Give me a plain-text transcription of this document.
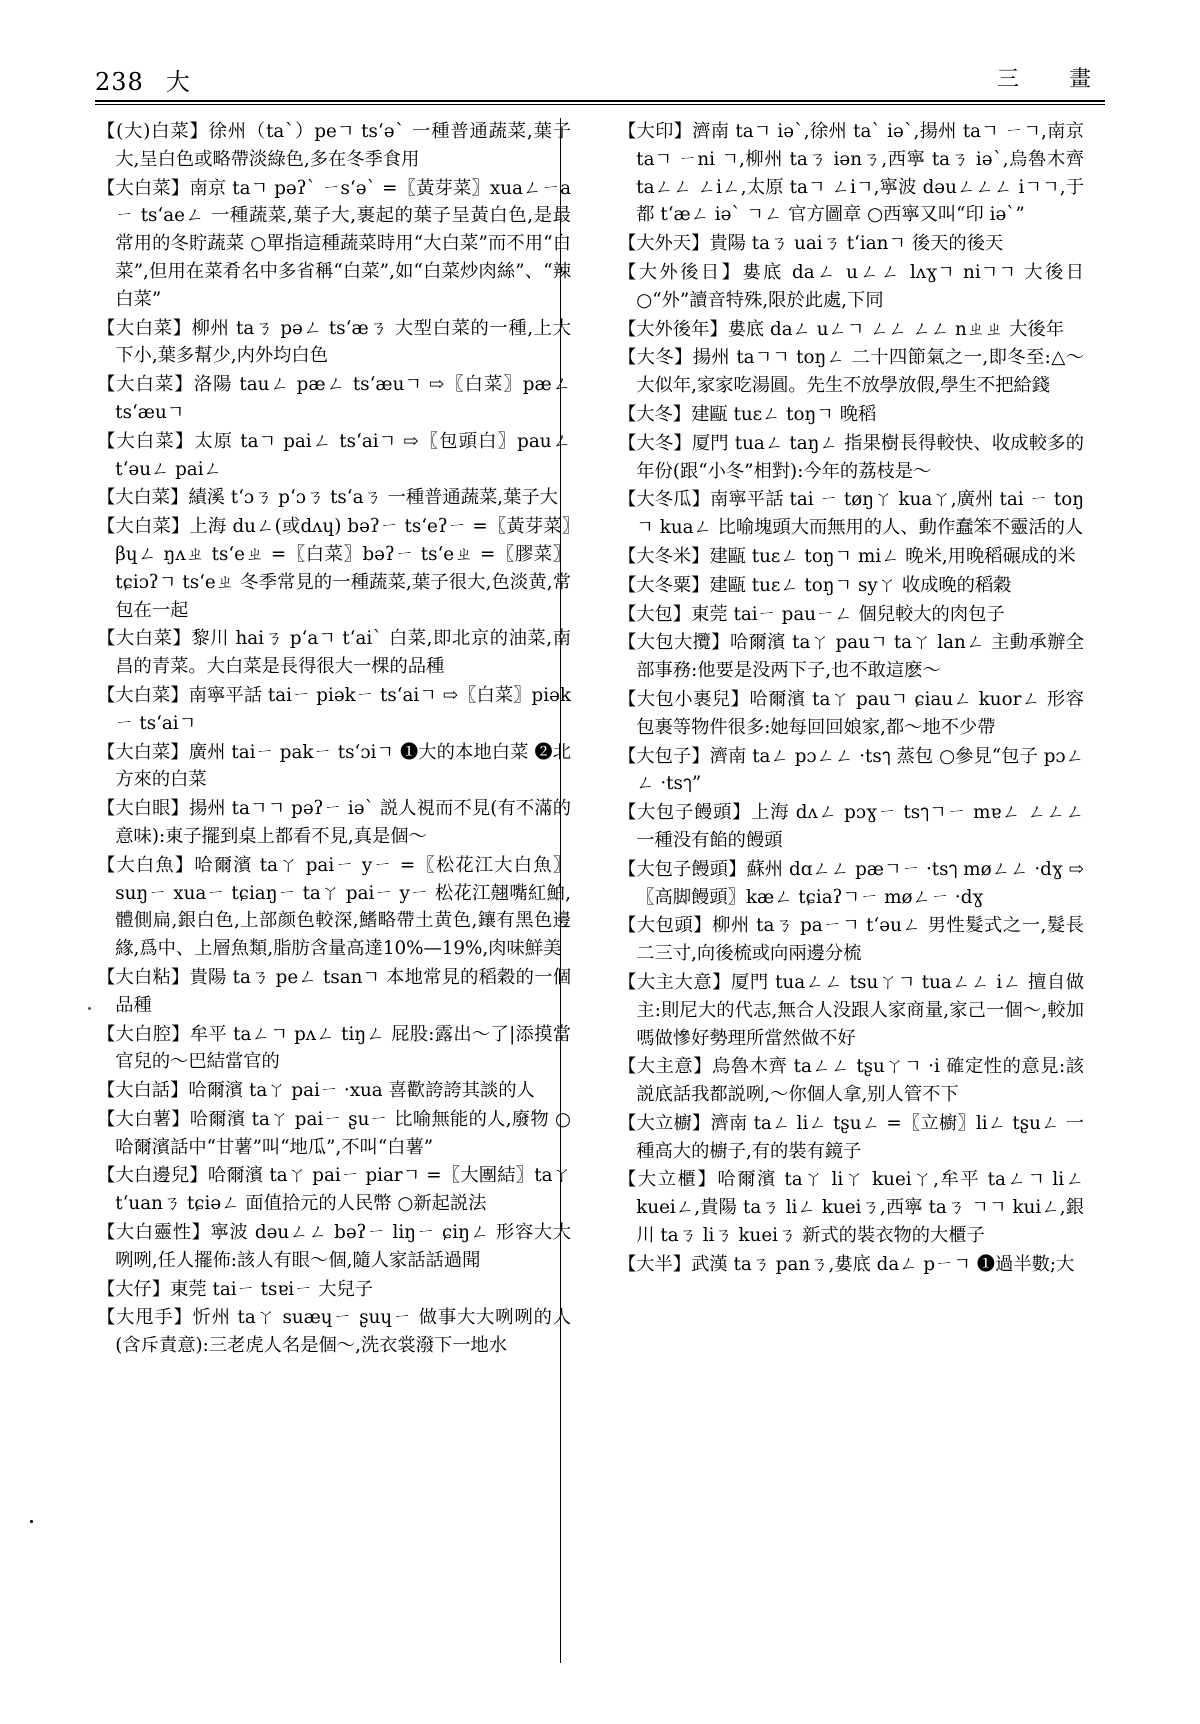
238 大	三　畫
【(大)白菜】徐州（taˋ）peㄱ tsʻəˋ 一種普通蔬菜,葉子大,呈白色或略帶淡綠色,多在冬季食用
【大白菜】南京 taㄱ pəʔˋ ㄧsʻəˋ =〖黃芽菜〗xuaㄥㄧaㄧ tsʻaeㄥ 一種蔬菜,葉子大,裹起的葉子呈黃白色,是最常用的冬貯蔬菜 ○單指這種蔬菜時用“大白菜”而不用“白菜”,但用在菜肴名中多省稱“白菜”,如“白菜炒肉絲”、“辣白菜”
【大白菜】柳州 taㄋ pəㄥ tsʻæㄋ 大型白菜的一種,上大下小,葉多幫少,内外均白色
【大白菜】洛陽 tauㄥ pæㄥ tsʻæuㄱ ⇨〖白菜〗pæㄥ tsʻæuㄱ
【大白菜】太原 taㄱ paiㄥ tsʻaiㄱ ⇨〖包頭白〗pauㄥ tʻəuㄥ paiㄥ
【大白菜】績溪 tʻɔㄋ pʻɔㄋ tsʻaㄋ 一種普通蔬菜,葉子大
【大白菜】上海 duㄥ(或dʌɥ) bəʔㄧ tsʻeʔㄧ =〖黃芽菜〗βɥㄥ ŋʌㄓ tsʻeㄓ =〖白菜〗bəʔㄧ tsʻeㄓ =〖膠菜〗tɕiɔʔㄱ tsʻeㄓ 冬季常見的一種蔬菜,葉子很大,色淡黄,常包在一起
【大白菜】黎川 haiㄋ pʻaㄱ tʻaiˋ 白菜,即北京的油菜,南昌的青菜。大白菜是長得很大一棵的品種
【大白菜】南寧平話 taiㄧ piəkㄧ tsʻaiㄱ ⇨〖白菜〗piəkㄧ tsʻaiㄱ
【大白菜】廣州 taiㄧ pakㄧ tsʻɔiㄱ ❶大的本地白菜 ❷北方來的白菜
【大白眼】揚州 taㄱㄱ pəʔㄧ iəˋ 説人視而不見(有不滿的意味):東子擺到桌上都看不見,真是個～
【大白魚】哈爾濱 taㄚ paiㄧ yㄧ =〖松花江大白魚〗suŋㄧ xuaㄧ tɕiaŋㄧ taㄚ paiㄧ yㄧ 松花江翹嘴紅鮊,體側扁,銀白色,上部颜色較深,鰭略帶土黄色,鑲有黑色邊緣,爲中、上層魚類,脂肪含量高達10%—19%,肉味鮮美
【大白粘】貴陽 taㄋ peㄥ tsanㄱ 本地常見的稻穀的一個品種
【大白腔】牟平 taㄥㄱ pʌㄥ tiŋㄥ 屁股:露出～了|添摸當官兒的～巴結當官的
【大白話】哈爾濱 taㄚ paiㄧ ·xua 喜歡誇誇其談的人
【大白薯】哈爾濱 taㄚ paiㄧ ʂuㄧ 比喻無能的人,廢物 ○哈爾濱話中“甘薯”叫“地瓜”,不叫“白薯”
【大白邊兒】哈爾濱 taㄚ paiㄧ piarㄱ =〖大團結〗taㄚ tʻuanㄋ tɕiəㄥ 面值拾元的人民幣 ○新起説法
【大白靈性】寧波 dəuㄥㄥ bəʔㄧ liŋㄧ ɕiŋㄥ 形容大大咧咧,任人擺佈:該人有眼～個,隨人家話話過聞
【大仔】東莞 taiㄧ tsɐiㄧ 大兒子
【大甩手】忻州 taㄚ suæɥㄧ ʂuɥㄧ 做事大大咧咧的人(含斥責意):三老虎人名是個～,洗衣裳潑下一地水
【大印】濟南 taㄱ iəˋ,徐州 taˋ iəˋ,揚州 taㄱ ㄧㄱ,南京 taㄱ ㄧni ㄱ,柳州 taㄋ iənㄋ,西寧 taㄋ iəˋ,烏魯木齊 taㄥㄥ ㄥiㄥ,太原 taㄱ ㄥiㄱ,寧波 dəuㄥㄥㄥ iㄱㄱ,于都 tʻæㄥ iəˋ ㄱㄥ 官方圖章 ○西寧又叫“印 iəˋ”
【大外天】貴陽 taㄋ uaiㄋ tʻianㄱ 後天的後天
【大外後日】婁底 daㄥ uㄥㄥ lʌɣㄱ niㄱㄱ 大後日 ○“外”讀音特殊,限於此處,下同
【大外後年】婁底 daㄥ uㄥㄱ ㄥㄥ ㄥㄥ nㄓㄓ 大後年
【大冬】揚州 taㄱㄱ toŋㄥ 二十四節氣之一,即冬至:△～大似年,家家吃湯圓。先生不放學放假,學生不把給錢
【大冬】建甌 tuɛㄥ toŋㄱ 晚稻
【大冬】厦門 tuaㄥ taŋㄥ 指果樹長得較快、收成較多的年份(跟“小冬”相對):今年的荔枝是～
【大冬瓜】南寧平話 tai ㄧ tøŋㄚ kuaㄚ,廣州 tai ㄧ toŋㄱ kuaㄥ 比喻塊頭大而無用的人、動作蠢笨不靈活的人
【大冬米】建甌 tuɛㄥ toŋㄱ miㄥ 晚米,用晚稻碾成的米
【大冬粟】建甌 tuɛㄥ toŋㄱ syㄚ 收成晚的稻穀
【大包】東莞 taiㄧ pauㄧㄥ 個兒較大的肉包子
【大包大攬】哈爾濱 taㄚ pauㄱ taㄚ lanㄥ 主動承辦全部事務:他要是没两下子,也不敢這麽～
【大包小裹兒】哈爾濱 taㄚ pauㄱ ɕiauㄥ kuorㄥ 形容包裹等物件很多:她每回回娘家,都～地不少帶
【大包子】濟南 taㄥ pɔㄥㄥ ·tsๅ 蒸包 ○參見“包子 pɔㄥㄥ ·tsๅ”
【大包子饅頭】上海 dʌㄥ pɔɣㄧ tsๅㄱㄧ mɐㄥ ㄥㄥㄥ 一種没有餡的饅頭
【大包子饅頭】蘇州 dɑㄥㄥ pæㄱㄧ ·tsๅ møㄥㄥ ·dɣ ⇨〖高脚饅頭〗kæㄥ tɕiaʔㄱㄧ møㄥㄧ ·dɣ
【大包頭】柳州 taㄋ paㄧㄱ tʻəuㄥ 男性髮式之一,髮長二三寸,向後梳或向兩邊分梳
【大主大意】厦門 tuaㄥㄥ tsuㄚㄱ tuaㄥㄥ iㄥ 擅自做主:則尼大的代志,無合人没跟人家商量,家己一個～,較加嗎做慘好勢理所當然做不好
【大主意】烏魯木齊 taㄥㄥ tʂuㄚㄱ ·i 確定性的意見:該説底話我都説咧,～你個人拿,别人管不下
【大立櫥】濟南 taㄥ liㄥ tʂuㄥ =〖立櫥〗liㄥ tʂuㄥ 一種高大的櫥子,有的裝有鏡子
【大立櫃】哈爾濱 taㄚ liㄚ kueiㄚ,牟平 taㄥㄱ liㄥ kueiㄥ,貴陽 taㄋ liㄥ kueiㄋ,西寧 taㄋ ㄱㄱ kuiㄥ,銀川 taㄋ liㄋ kueiㄋ 新式的裝衣物的大櫃子
【大半】武漢 taㄋ panㄋ,婁底 daㄥ pㄧㄱ ❶過半數;大
